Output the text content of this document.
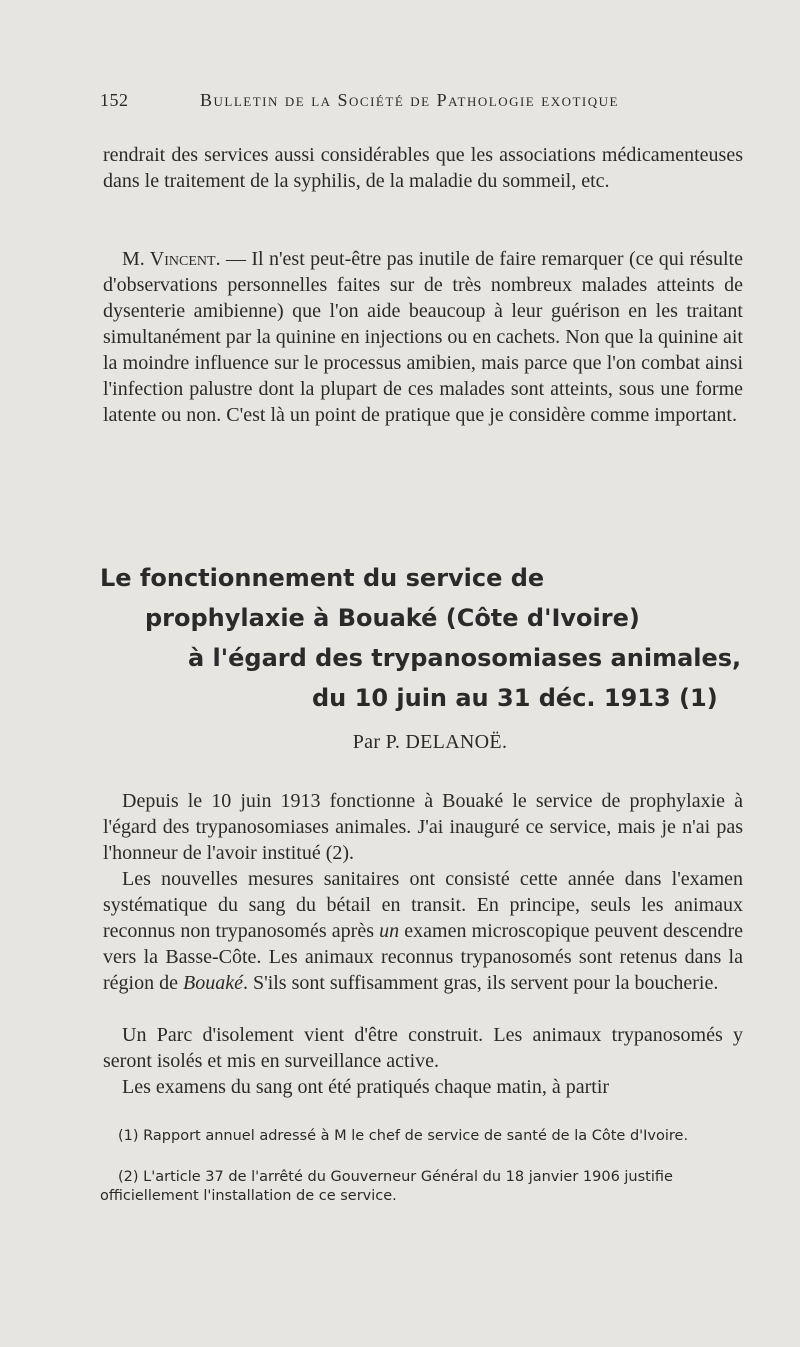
152	Bulletin de la Société de Pathologie exotique

rendrait des services aussi considérables que les associations médicamenteuses dans le traitement de la syphilis, de la maladie du sommeil, etc.

M. Vincent. — Il n'est peut-être pas inutile de faire remarquer (ce qui résulte d'observations personnelles faites sur de très nombreux malades atteints de dysenterie amibienne) que l'on aide beaucoup à leur guérison en les traitant simultanément par la quinine en injections ou en cachets. Non que la quinine ait la moindre influence sur le processus amibien, mais parce que l'on combat ainsi l'infection palustre dont la plupart de ces malades sont atteints, sous une forme latente ou non. C'est là un point de pratique que je considère comme important.

Le fonctionnement du service de
prophylaxie à Bouaké (Côte d'Ivoire)
à l'égard des trypanosomiases animales,
du 10 juin au 31 déc. 1913 (1)
Par P. DELANOË.

Depuis le 10 juin 1913 fonctionne à Bouaké le service de prophylaxie à l'égard des trypanosomiases animales. J'ai inauguré ce service, mais je n'ai pas l'honneur de l'avoir institué (2).

Les nouvelles mesures sanitaires ont consisté cette année dans l'examen systématique du sang du bétail en transit. En principe, seuls les animaux reconnus non trypanosomés après un examen microscopique peuvent descendre vers la Basse-Côte. Les animaux reconnus trypanosomés sont retenus dans la région de Bouaké. S'ils sont suffisamment gras, ils servent pour la boucherie.

Un Parc d'isolement vient d'être construit. Les animaux trypanosomés y seront isolés et mis en surveillance active.

Les examens du sang ont été pratiqués chaque matin, à partir

(1) Rapport annuel adressé à M le chef de service de santé de la Côte d'Ivoire.

(2) L'article 37 de l'arrêté du Gouverneur Général du 18 janvier 1906 justifie officiellement l'installation de ce service.
